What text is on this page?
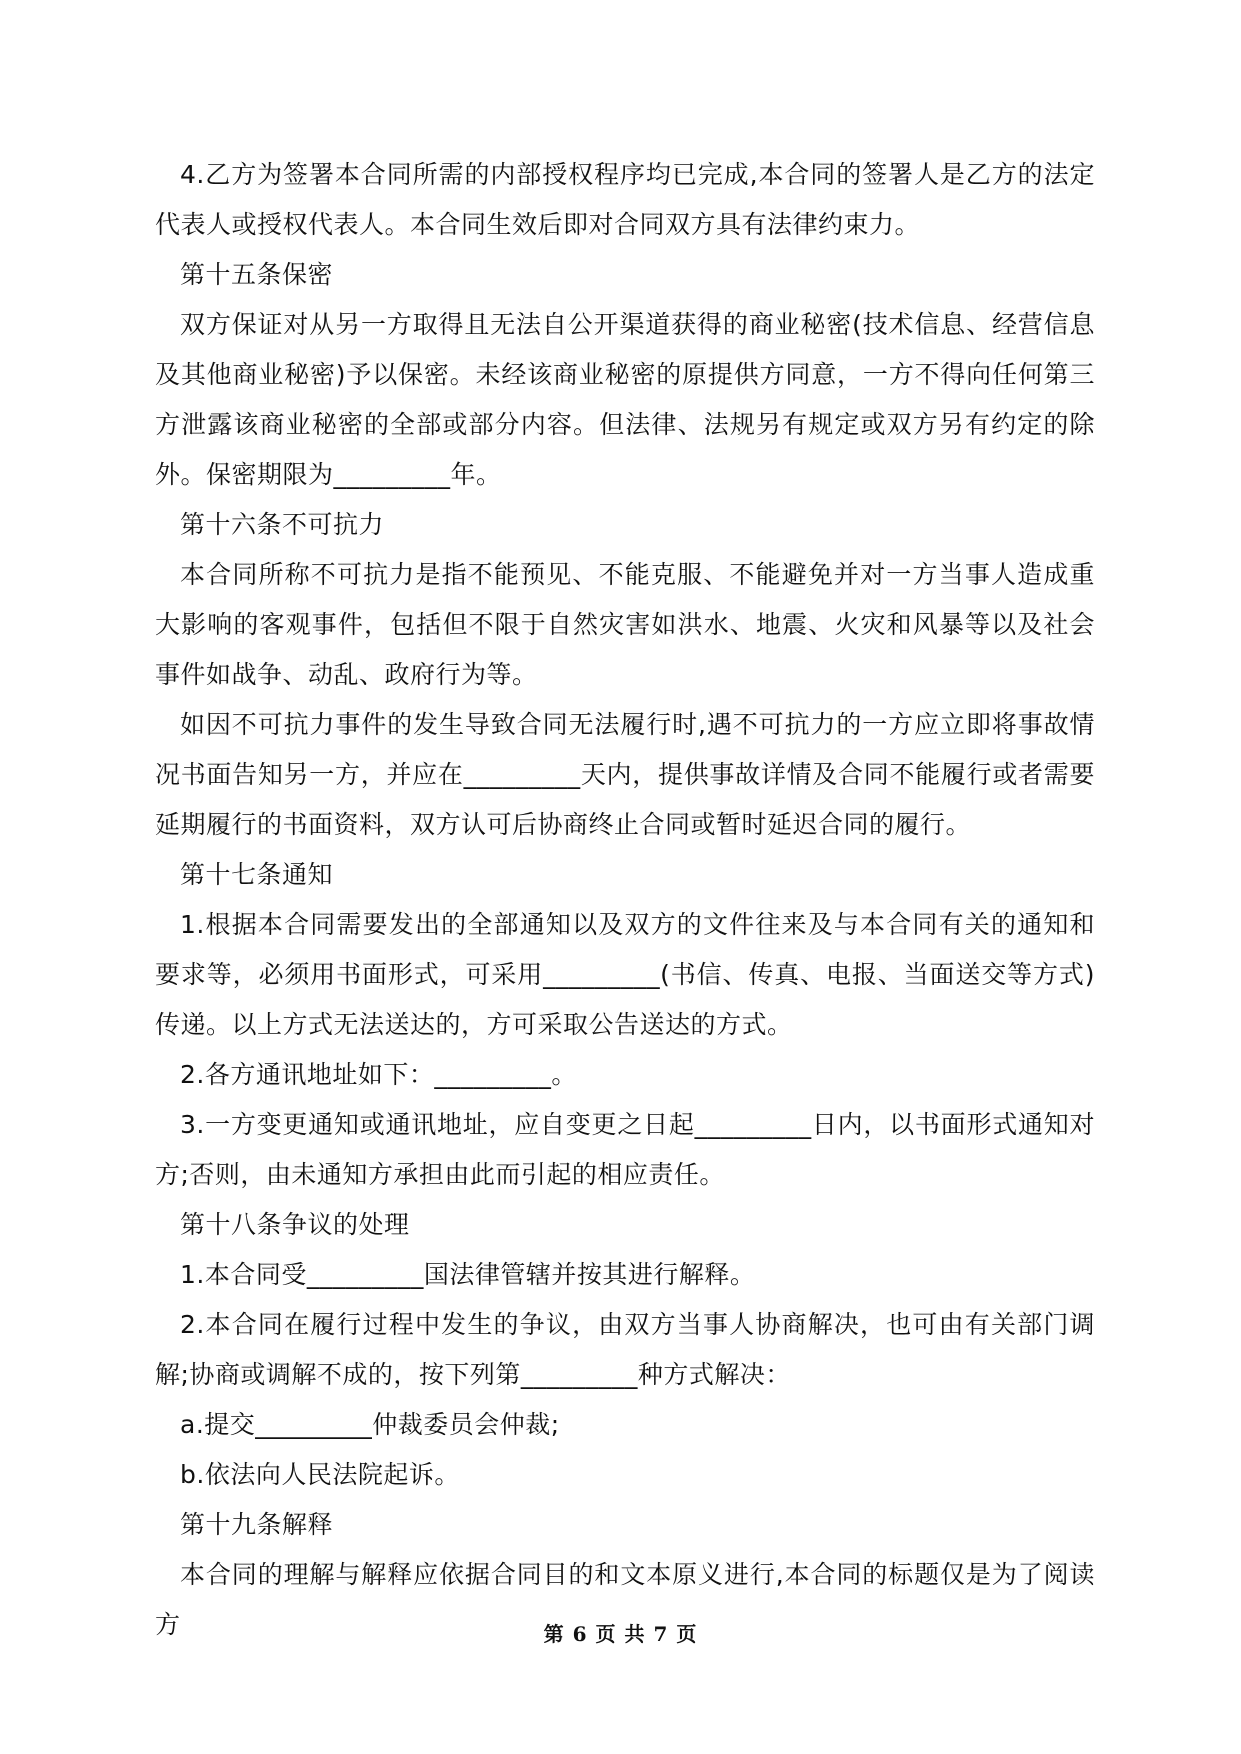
4.乙方为签署本合同所需的内部授权程序均已完成,本合同的签署人是乙方的法定代表人或授权代表人。本合同生效后即对合同双方具有法律约束力。

第十五条保密

双方保证对从另一方取得且无法自公开渠道获得的商业秘密(技术信息、经营信息及其他商业秘密)予以保密。未经该商业秘密的原提供方同意，一方不得向任何第三方泄露该商业秘密的全部或部分内容。但法律、法规另有规定或双方另有约定的除外。保密期限为_________年。

第十六条不可抗力

本合同所称不可抗力是指不能预见、不能克服、不能避免并对一方当事人造成重大影响的客观事件，包括但不限于自然灾害如洪水、地震、火灾和风暴等以及社会事件如战争、动乱、政府行为等。

如因不可抗力事件的发生导致合同无法履行时,遇不可抗力的一方应立即将事故情况书面告知另一方，并应在_________天内，提供事故详情及合同不能履行或者需要延期履行的书面资料，双方认可后协商终止合同或暂时延迟合同的履行。

第十七条通知

1.根据本合同需要发出的全部通知以及双方的文件往来及与本合同有关的通知和要求等，必须用书面形式，可采用_________(书信、传真、电报、当面送交等方式)传递。以上方式无法送达的，方可采取公告送达的方式。

2.各方通讯地址如下：_________。

3.一方变更通知或通讯地址，应自变更之日起_________日内，以书面形式通知对方;否则，由未通知方承担由此而引起的相应责任。

第十八条争议的处理

1.本合同受_________国法律管辖并按其进行解释。

2.本合同在履行过程中发生的争议，由双方当事人协商解决，也可由有关部门调解;协商或调解不成的，按下列第_________种方式解决：

a.提交_________仲裁委员会仲裁;

b.依法向人民法院起诉。

第十九条解释

本合同的理解与解释应依据合同目的和文本原义进行,本合同的标题仅是为了阅读方	第 6 页 共 7 页
